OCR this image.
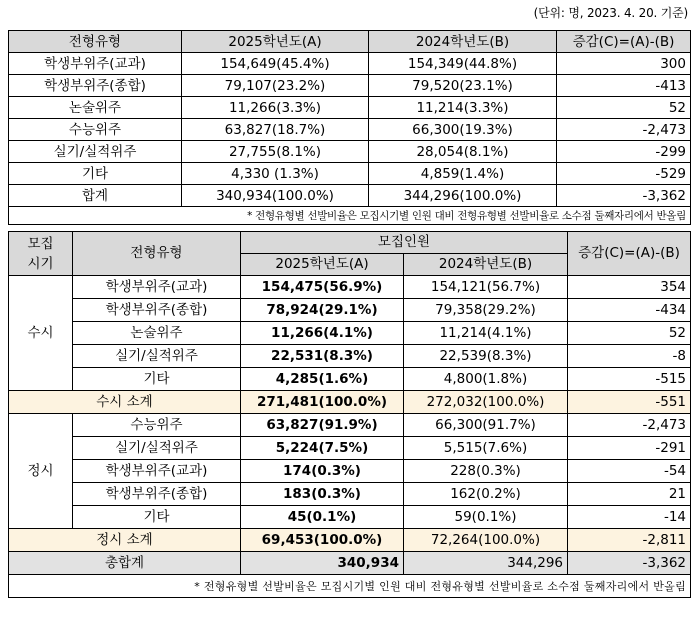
(단위: 명, 2023. 4. 20. 기준)
전형유형	2025학년도(A)	2024학년도(B)	증감(C)=(A)-(B)
학생부위주(교과)	154,649(45.4%)	154,349(44.8%)	300
학생부위주(종합)	79,107(23.2%)	79,520(23.1%)	-413
논술위주	11,266(3.3%)	11,214(3.3%)	52
수능위주	63,827(18.7%)	66,300(19.3%)	-2,473
실기/실적위주	27,755(8.1%)	28,054(8.1%)	-299
기타	4,330 (1.3%)	4,859(1.4%)	-529
합계	340,934(100.0%)	344,296(100.0%)	-3,362
* 전형유형별 선발비율은 모집시기별 인원 대비 전형유형별 선발비율로 소수점 둘째자리에서 반올림			
모집
시기	전형유형	모집인원		증감(C)=(A)-(B)
		2025학년도(A)	2024학년도(B)	
수시	학생부위주(교과)	154,475(56.9%)	154,121(56.7%)	354
	학생부위주(종합)	78,924(29.1%)	79,358(29.2%)	-434
	논술위주	11,266(4.1%)	11,214(4.1%)	52
	실기/실적위주	22,531(8.3%)	22,539(8.3%)	-8
	기타	4,285(1.6%)	4,800(1.8%)	-515
수시 소계		271,481(100.0%)	272,032(100.0%)	-551
정시	수능위주	63,827(91.9%)	66,300(91.7%)	-2,473
	실기/실적위주	5,224(7.5%)	5,515(7.6%)	-291
	학생부위주(교과)	174(0.3%)	228(0.3%)	-54
	학생부위주(종합)	183(0.3%)	162(0.2%)	21
	기타	45(0.1%)	59(0.1%)	-14
정시 소계		69,453(100.0%)	72,264(100.0%)	-2,811
총합계		340,934	344,296	-3,362
* 전형유형별 선발비율은 모집시기별 인원 대비 전형유형별 선발비율로 소수점 둘째자리에서 반올림				
